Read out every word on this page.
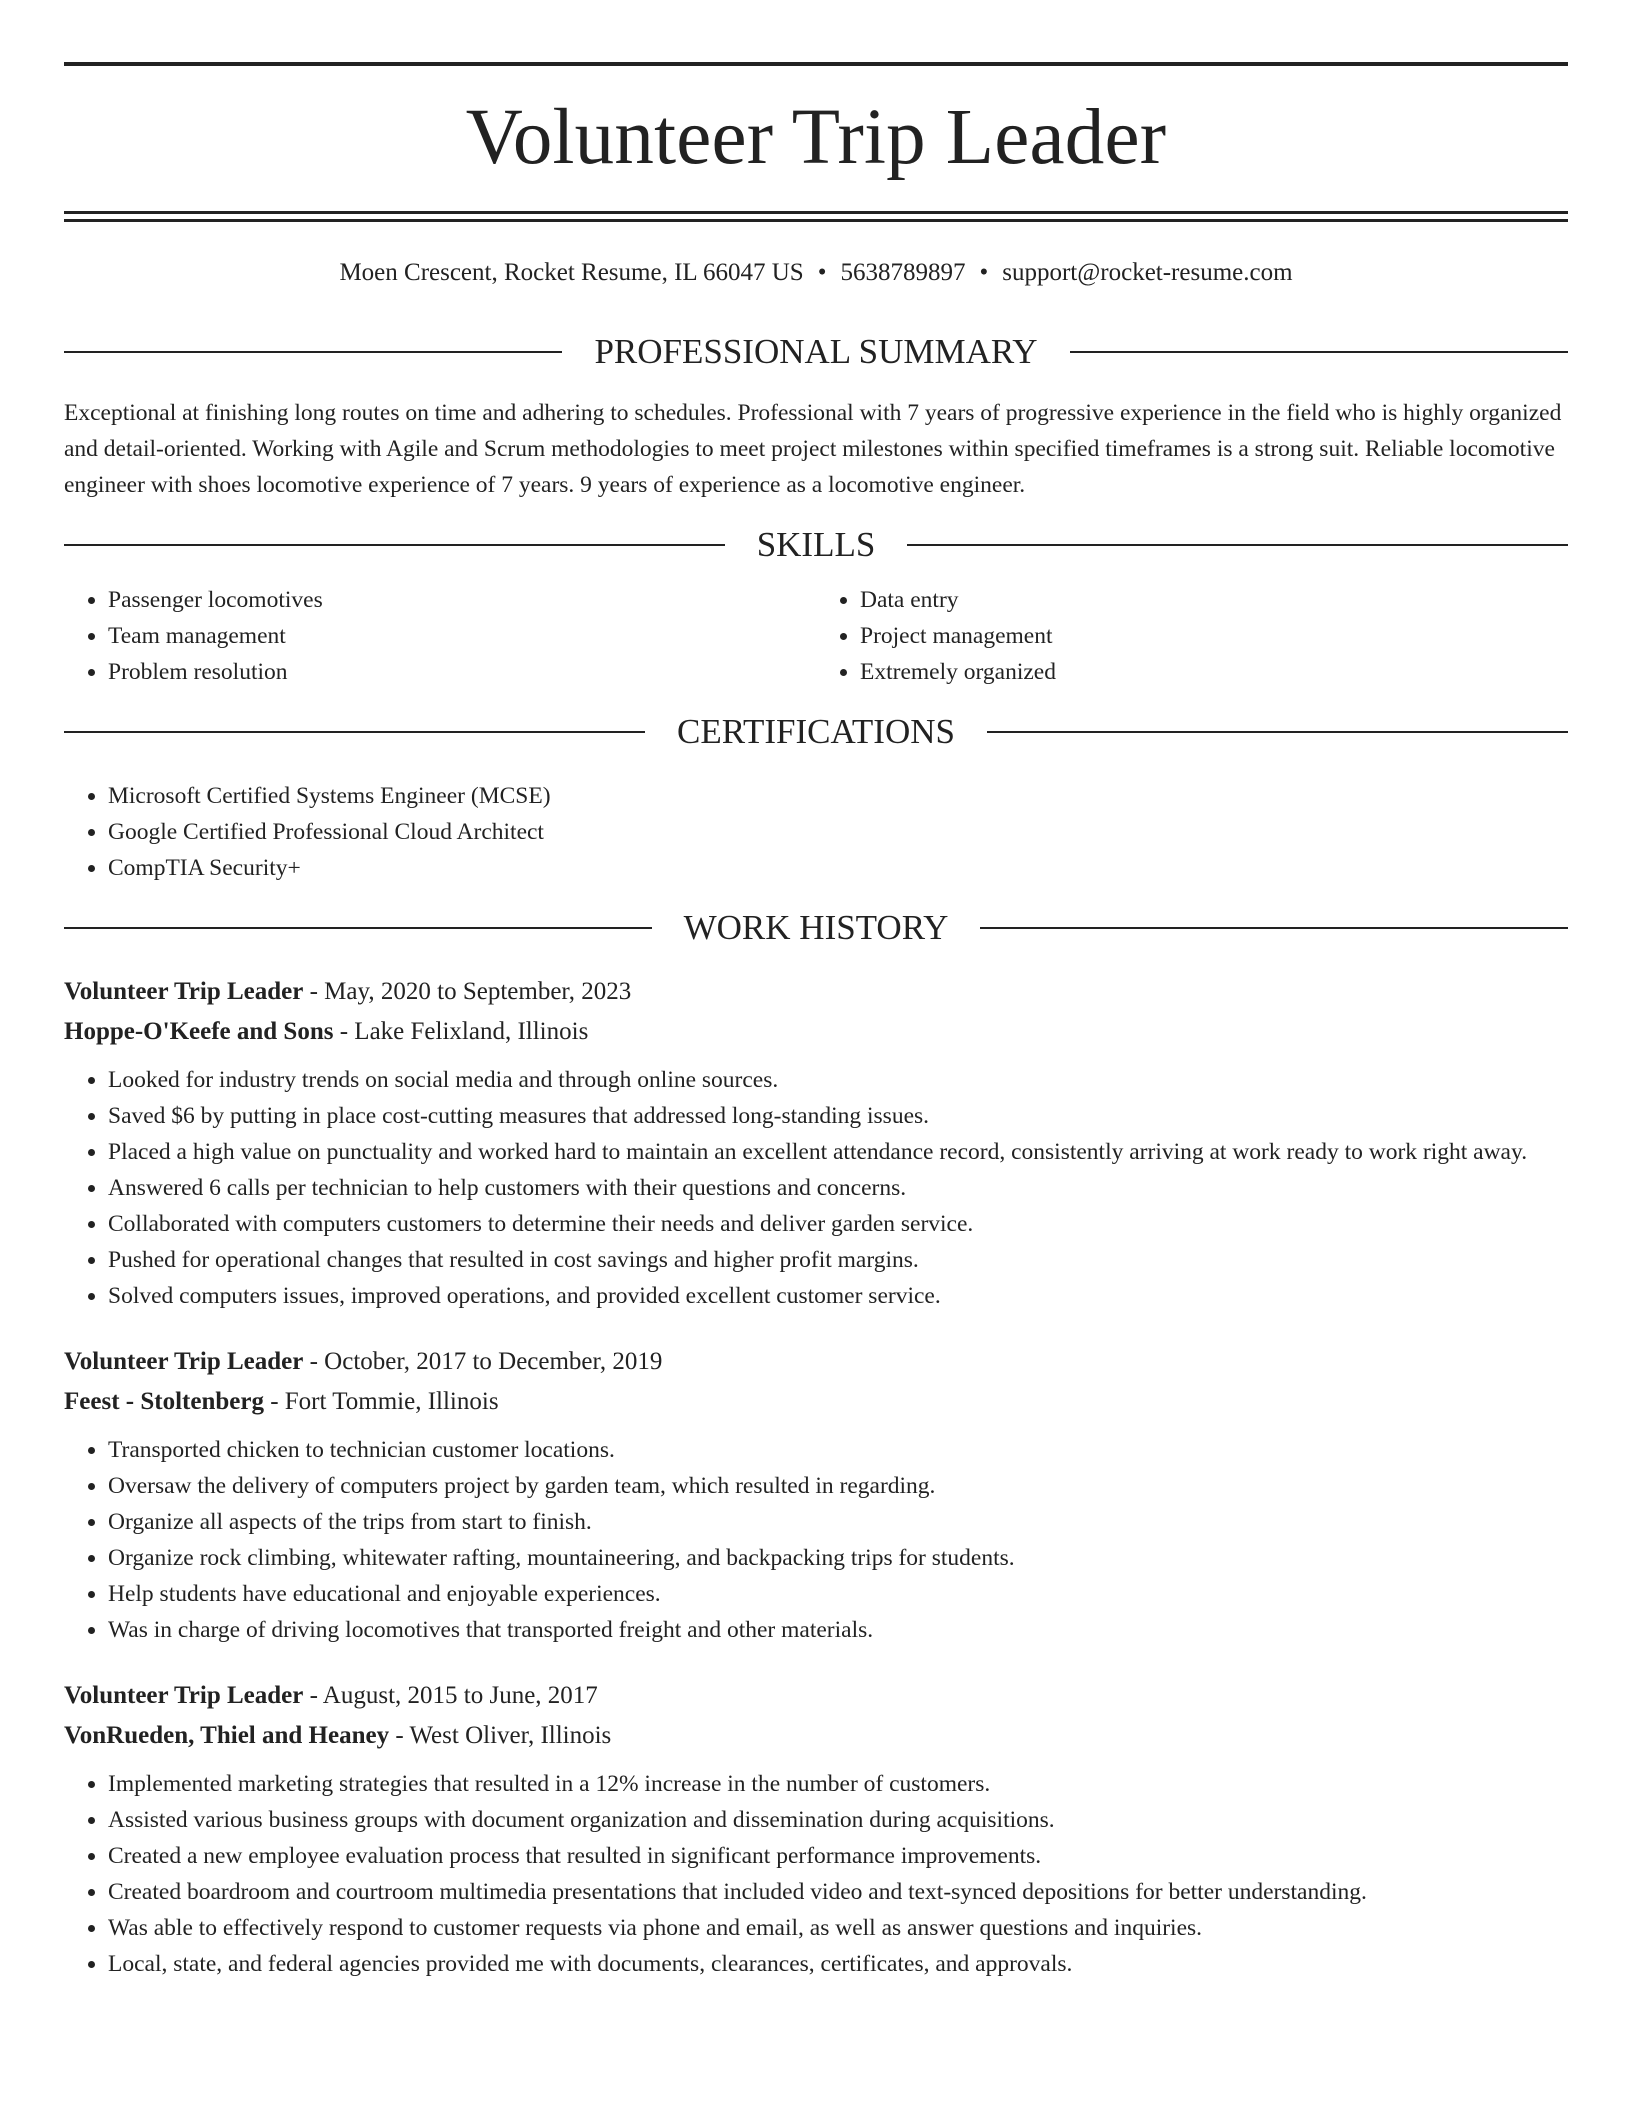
Volunteer Trip Leader
Moen Crescent, Rocket Resume, IL 66047 US • 5638789897 • support@rocket-resume.com
PROFESSIONAL SUMMARY

Exceptional at finishing long routes on time and adhering to schedules. Professional with 7 years of progressive experience in the field who is highly organized and detail-oriented. Working with Agile and Scrum methodologies to meet project milestones within specified timeframes is a strong suit. Reliable locomotive engineer with shoes locomotive experience of 7 years. 9 years of experience as a locomotive engineer.

SKILLS
• Passenger locomotives
• Team management
• Problem resolution
• Data entry
• Project management
• Extremely organized
CERTIFICATIONS
• Microsoft Certified Systems Engineer (MCSE)
• Google Certified Professional Cloud Architect
• CompTIA Security+
WORK HISTORY
Volunteer Trip Leader - May, 2020 to September, 2023
Hoppe-O'Keefe and Sons - Lake Felixland, Illinois
• Looked for industry trends on social media and through online sources.
• Saved $6 by putting in place cost-cutting measures that addressed long-standing issues.
• Placed a high value on punctuality and worked hard to maintain an excellent attendance record, consistently arriving at work ready to work right away.
• Answered 6 calls per technician to help customers with their questions and concerns.
• Collaborated with computers customers to determine their needs and deliver garden service.
• Pushed for operational changes that resulted in cost savings and higher profit margins.
• Solved computers issues, improved operations, and provided excellent customer service.
Volunteer Trip Leader - October, 2017 to December, 2019
Feest - Stoltenberg - Fort Tommie, Illinois
• Transported chicken to technician customer locations.
• Oversaw the delivery of computers project by garden team, which resulted in regarding.
• Organize all aspects of the trips from start to finish.
• Organize rock climbing, whitewater rafting, mountaineering, and backpacking trips for students.
• Help students have educational and enjoyable experiences.
• Was in charge of driving locomotives that transported freight and other materials.
Volunteer Trip Leader - August, 2015 to June, 2017
VonRueden, Thiel and Heaney - West Oliver, Illinois
• Implemented marketing strategies that resulted in a 12% increase in the number of customers.
• Assisted various business groups with document organization and dissemination during acquisitions.
• Created a new employee evaluation process that resulted in significant performance improvements.
• Created boardroom and courtroom multimedia presentations that included video and text-synced depositions for better understanding.
• Was able to effectively respond to customer requests via phone and email, as well as answer questions and inquiries.
• Local, state, and federal agencies provided me with documents, clearances, certificates, and approvals.
